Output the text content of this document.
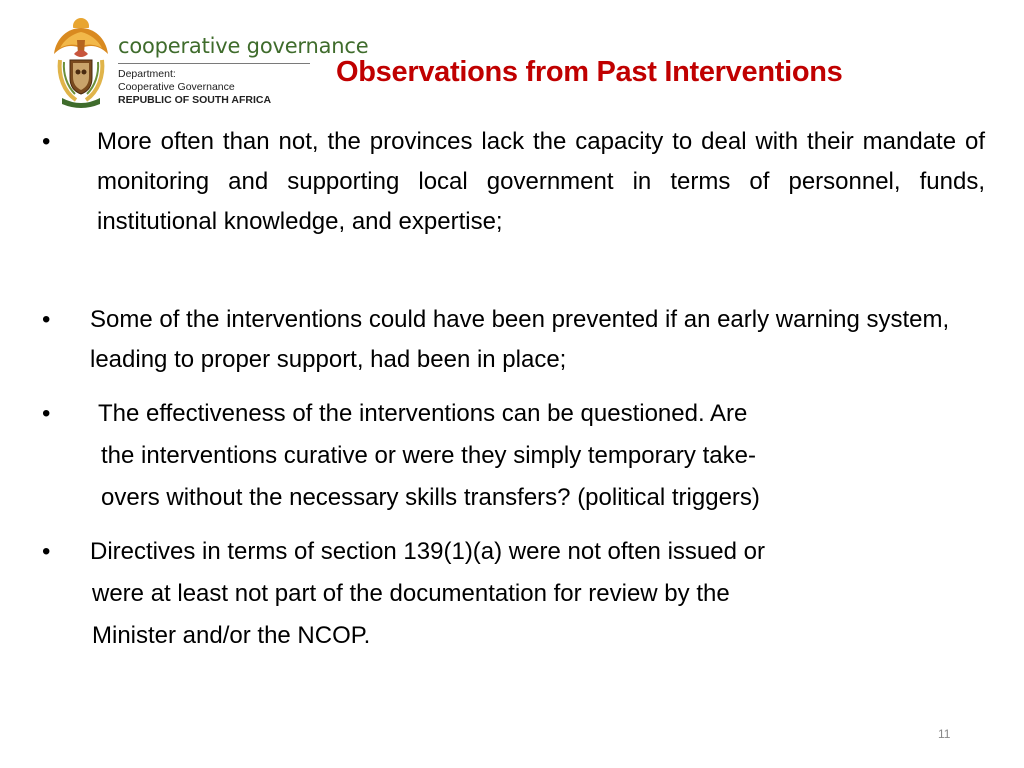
cooperative governance
Department:
Cooperative Governance
REPUBLIC OF SOUTH AFRICA
Observations from Past Interventions
• More often than not, the provinces lack the capacity to deal with their mandate of monitoring and supporting local government in terms of personnel, funds, institutional knowledge, and expertise;
• Some of the interventions could have been prevented if an early warning system, leading to proper support, had been in place;
• The effectiveness of the interventions can be questioned. Are
the interventions curative or were they simply temporary take-
overs without the necessary skills transfers? (political triggers)
• Directives in terms of section 139(1)(a) were not often issued or
were at least not part of the documentation for review by the
Minister and/or the NCOP.
11
